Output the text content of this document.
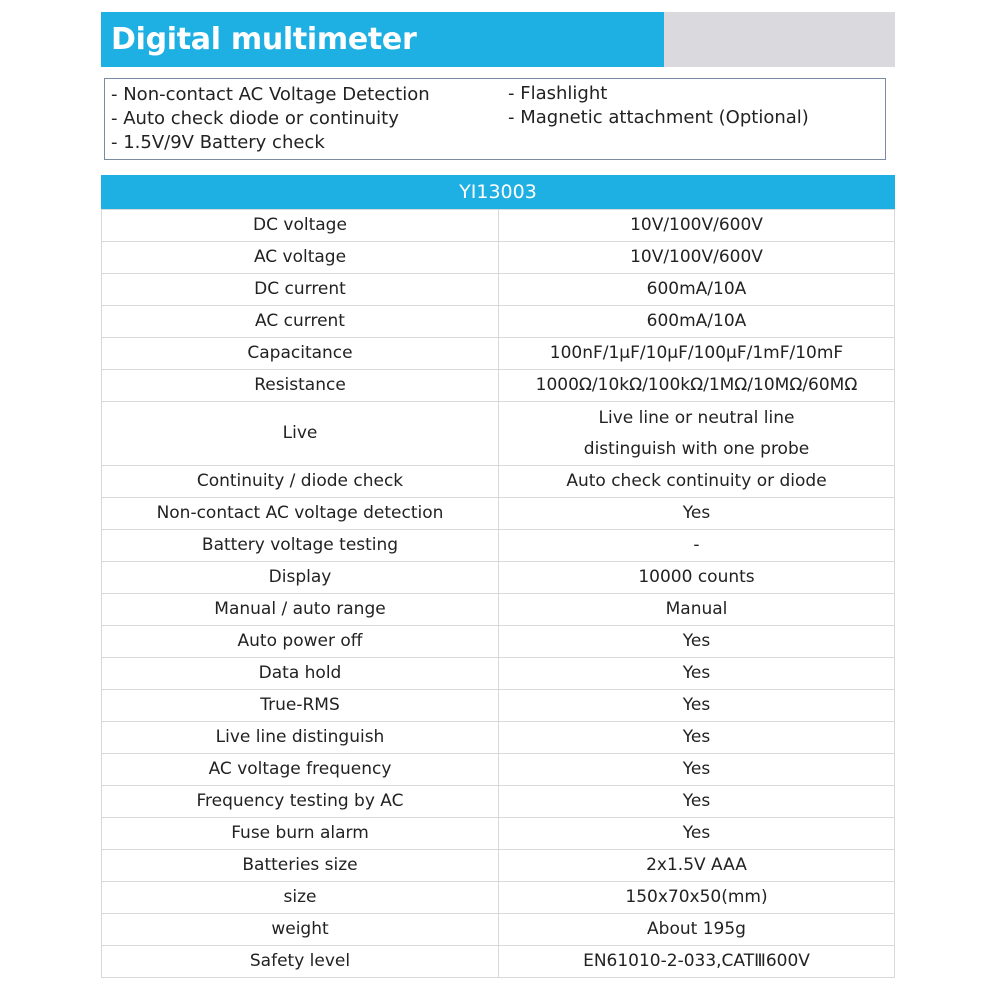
Digital multimeter
- Non-contact AC Voltage Detection
- Auto check diode or continuity
- 1.5V/9V Battery check
- Flashlight
- Magnetic attachment (Optional)
YI13003
DC voltage	10V/100V/600V
AC voltage	10V/100V/600V
DC current	600mA/10A
AC current	600mA/10A
Capacitance	100nF/1μF/10μF/100μF/1mF/10mF
Resistance	1000Ω/10kΩ/100kΩ/1MΩ/10MΩ/60MΩ
Live	Live line or neutral line
distinguish with one probe

Continuity / diode check	Auto check continuity or diode
Non-contact AC voltage detection	Yes
Battery voltage testing	-
Display	10000 counts
Manual / auto range	Manual
Auto power off	Yes
Data hold	Yes
True-RMS	Yes
Live line distinguish	Yes
AC voltage frequency	Yes
Frequency testing by AC	Yes
Fuse burn alarm	Yes
Batteries size	2x1.5V AAA
size	150x70x50(mm)
weight	About 195g
Safety level	EN61010-2-033,CATⅢ600V
